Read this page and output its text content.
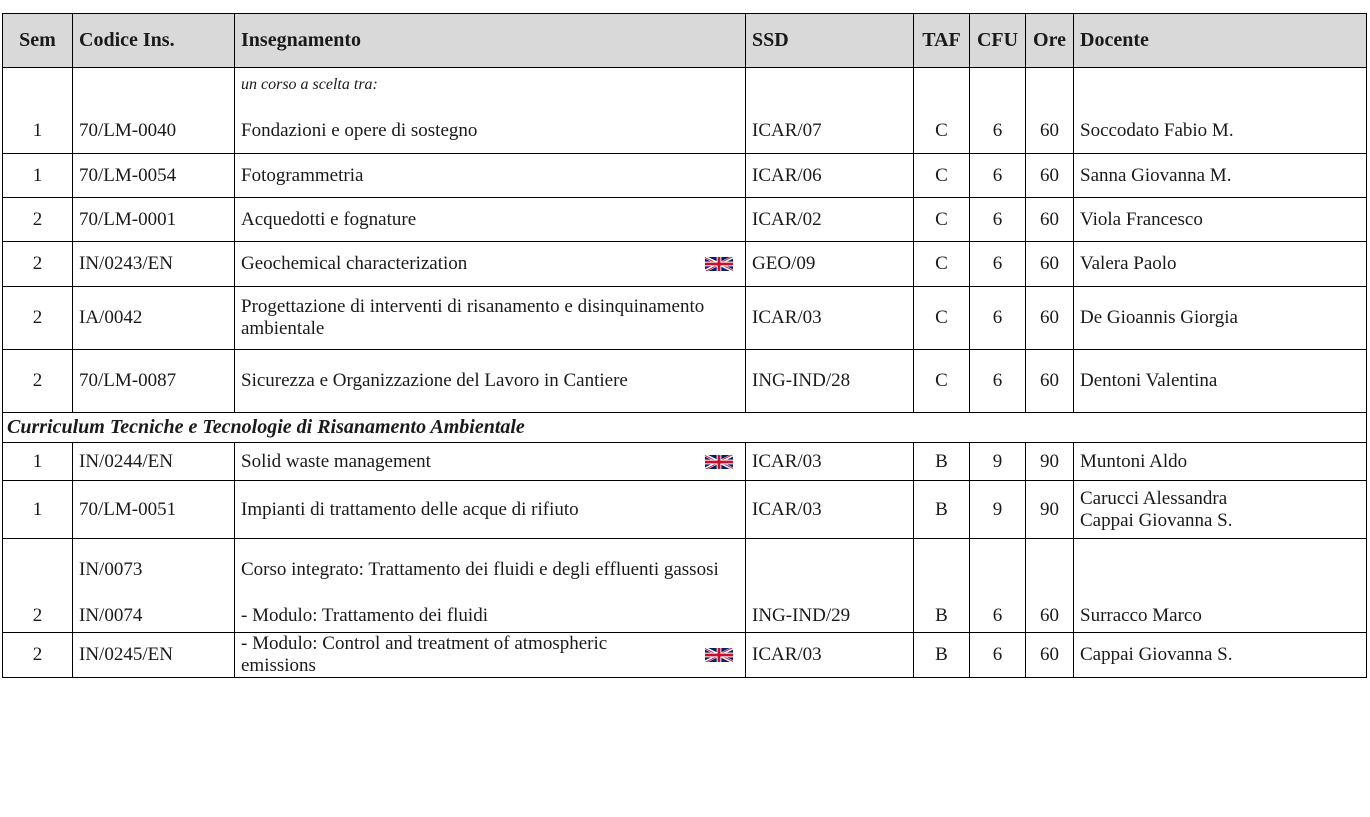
Sem	Codice Ins.	Insegnamento	SSD	TAF	CFU	Ore	Docente
		un corso a scelta tra:					
1	70/LM-0040	Fondazioni e opere di sostegno	ICAR/07	C	6	60	Soccodato Fabio M.
1	70/LM-0054	Fotogrammetria	ICAR/06	C	6	60	Sanna Giovanna M.
2	70/LM-0001	Acquedotti e fognature	ICAR/02	C	6	60	Viola Francesco
2	IN/0243/EN	Geochemical characterization	GEO/09	C	6	60	Valera Paolo
2	IA/0042	Progettazione di interventi di risanamento e disinquinamento ambientale	ICAR/03	C	6	60	De Gioannis Giorgia
2	70/LM-0087	Sicurezza e Organizzazione del Lavoro in Cantiere	ING-IND/28	C	6	60	Dentoni Valentina
Curriculum Tecniche e Tecnologie di Risanamento Ambientale							
1	IN/0244/EN	Solid waste management	ICAR/03	B	9	90	Muntoni Aldo
1	70/LM-0051	Impianti di trattamento delle acque di rifiuto	ICAR/03	B	9	90	Carucci Alessandra
Cappai Giovanna S.

	IN/0073	Corso integrato: Trattamento dei fluidi e degli effluenti gassosi					
2	IN/0074	- Modulo: Trattamento dei fluidi	ING-IND/29	B	6	60	Surracco Marco
2	IN/0245/EN	- Modulo: Control and treatment of atmospheric emissions	ICAR/03	B	6	60	Cappai Giovanna S.
